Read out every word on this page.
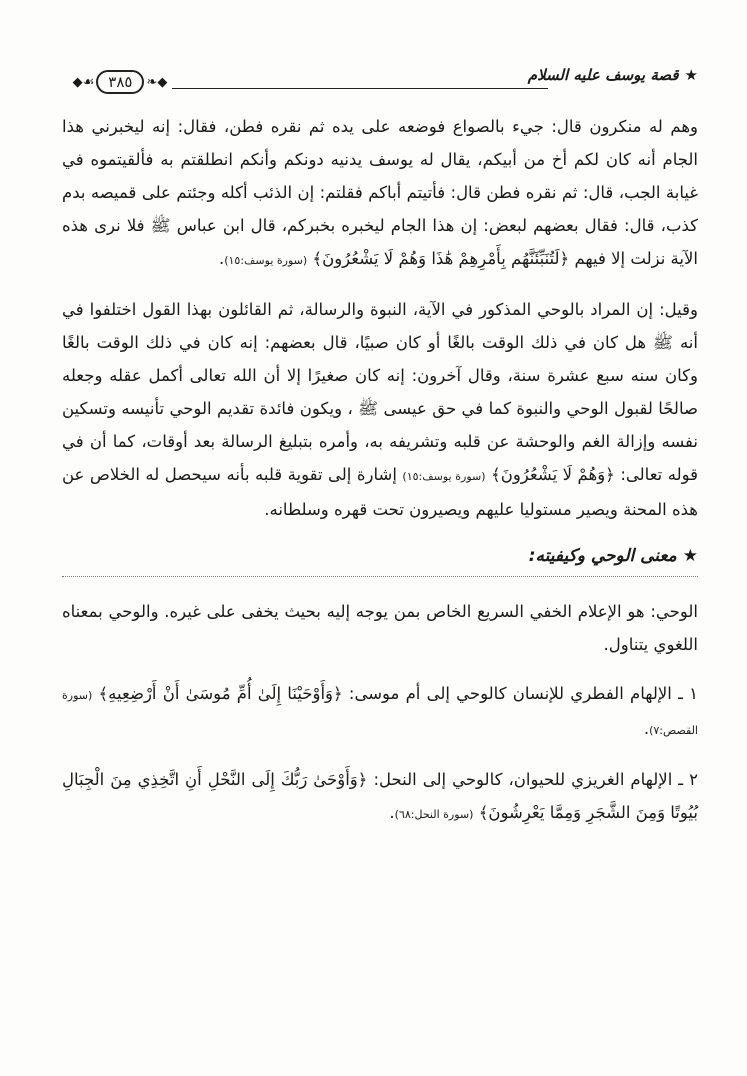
★قصة يوسف عليه السلام
◆❧
٣٨٥
☙◆

وهم له منكرون قال: جيء بالصواع فوضعه على يده ثم نقره فطن، فقال: إنه ليخبرني هذا الجام أنه كان لكم أخ من أبيكم، يقال له يوسف يدنيه دونكم وأنكم انطلقتم به فألقيتموه في غيابة الجب، قال: ثم نقره فطن قال: فأتيتم أباكم فقلتم: إن الذئب أكله وجئتم على قميصه بدم كذب، قال: فقال بعضهم لبعض: إن هذا الجام ليخبره بخبركم، قال ابن عباس ﷺ فلا نرى هذه الآية نزلت إلا فيهم ﴿لَتُنَبِّئَنَّهُم بِأَمْرِهِمْ هَٰذَا وَهُمْ لَا يَشْعُرُونَ﴾ (سورة يوسف:١٥).

وقيل: إن المراد بالوحي المذكور في الآية، النبوة والرسالة، ثم القائلون بهذا القول اختلفوا في أنه ﷺ هل كان في ذلك الوقت بالغًا أو كان صبيًا، قال بعضهم: إنه كان في ذلك الوقت بالغًا وكان سنه سبع عشرة سنة، وقال آخرون: إنه كان صغيرًا إلا أن الله تعالى أكمل عقله وجعله صالحًا لقبول الوحي والنبوة كما في حق عيسى ﷺ ، ويكون فائدة تقديم الوحي تأنيسه وتسكين نفسه وإزالة الغم والوحشة عن قلبه وتشريفه به، وأمره بتبليغ الرسالة بعد أوقات، كما أن في قوله تعالى: ﴿وَهُمْ لَا يَشْعُرُونَ﴾ (سورة يوسف:١٥) إشارة إلى تقوية قلبه بأنه سيحصل له الخلاص عن هذه المحنة ويصير مستوليا عليهم ويصيرون تحت قهره وسلطانه.

★معنى الوحي وكيفيته:

الوحي: هو الإعلام الخفي السريع الخاص بمن يوجه إليه بحيث يخفى على غيره. والوحي بمعناه اللغوي يتناول.

١ ـ الإلهام الفطري للإنسان كالوحي إلى أم موسى: ﴿وَأَوْحَيْنَا إِلَىٰ أُمِّ مُوسَىٰ أَنْ أَرْضِعِيهِ﴾ (سورة القصص:٧).

٢ ـ الإلهام الغريزي للحيوان، كالوحي إلى النحل: ﴿وَأَوْحَىٰ رَبُّكَ إِلَى النَّحْلِ أَنِ اتَّخِذِي مِنَ الْجِبَالِ بُيُوتًا وَمِنَ الشَّجَرِ وَمِمَّا يَعْرِشُونَ﴾ (سورة النحل:٦٨).
